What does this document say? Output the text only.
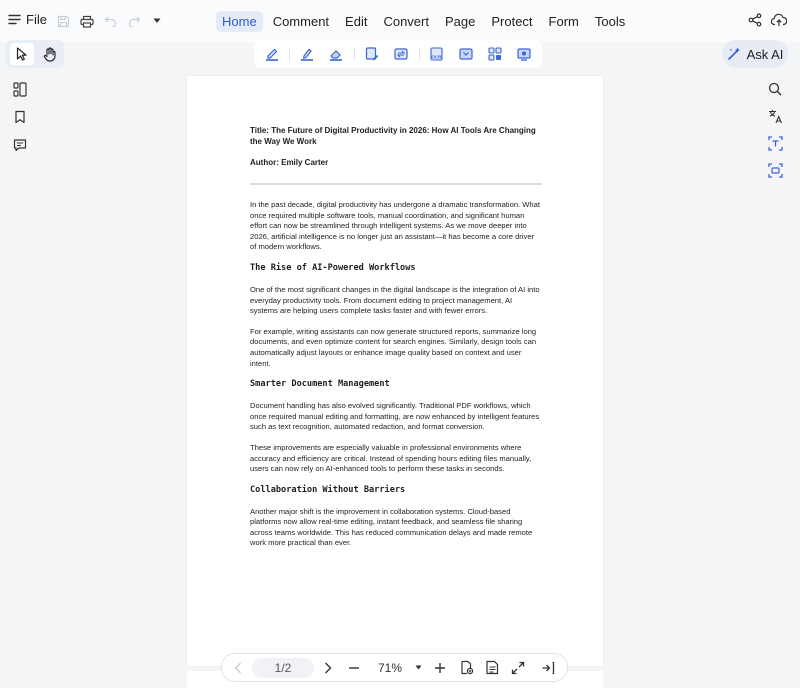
File	Home	Comment	Edit	Convert	Page	Protect	Form	Tools
OCR	Ask AI
Title: The Future of Digital Productivity in 2026: How AI Tools Are Changing the Way We Work
Author: Emily Carter

In the past decade, digital productivity has undergone a dramatic transformation. What once required multiple software tools, manual coordination, and significant human effort can now be streamlined through intelligent systems. As we move deeper into 2026, artificial intelligence is no longer just an assistant—it has become a core driver of modern workflows.

The Rise of AI-Powered Workflows

One of the most significant changes in the digital landscape is the integration of AI into everyday productivity tools. From document editing to project management, AI systems are helping users complete tasks faster and with fewer errors.

For example, writing assistants can now generate structured reports, summarize long documents, and even optimize content for search engines. Similarly, design tools can automatically adjust layouts or enhance image quality based on context and user intent.

Smarter Document Management

Document handling has also evolved significantly. Traditional PDF workflows, which once required manual editing and formatting, are now enhanced by intelligent features such as text recognition, automated redaction, and format conversion.

These improvements are especially valuable in professional environments where accuracy and efficiency are critical. Instead of spending hours editing files manually, users can now rely on AI-enhanced tools to perform these tasks in seconds.

Collaboration Without Barriers

Another major shift is the improvement in collaboration systems. Cloud-based platforms now allow real-time editing, instant feedback, and seamless file sharing across teams worldwide. This has reduced communication delays and made remote work more practical than ever.

1/2	71%
